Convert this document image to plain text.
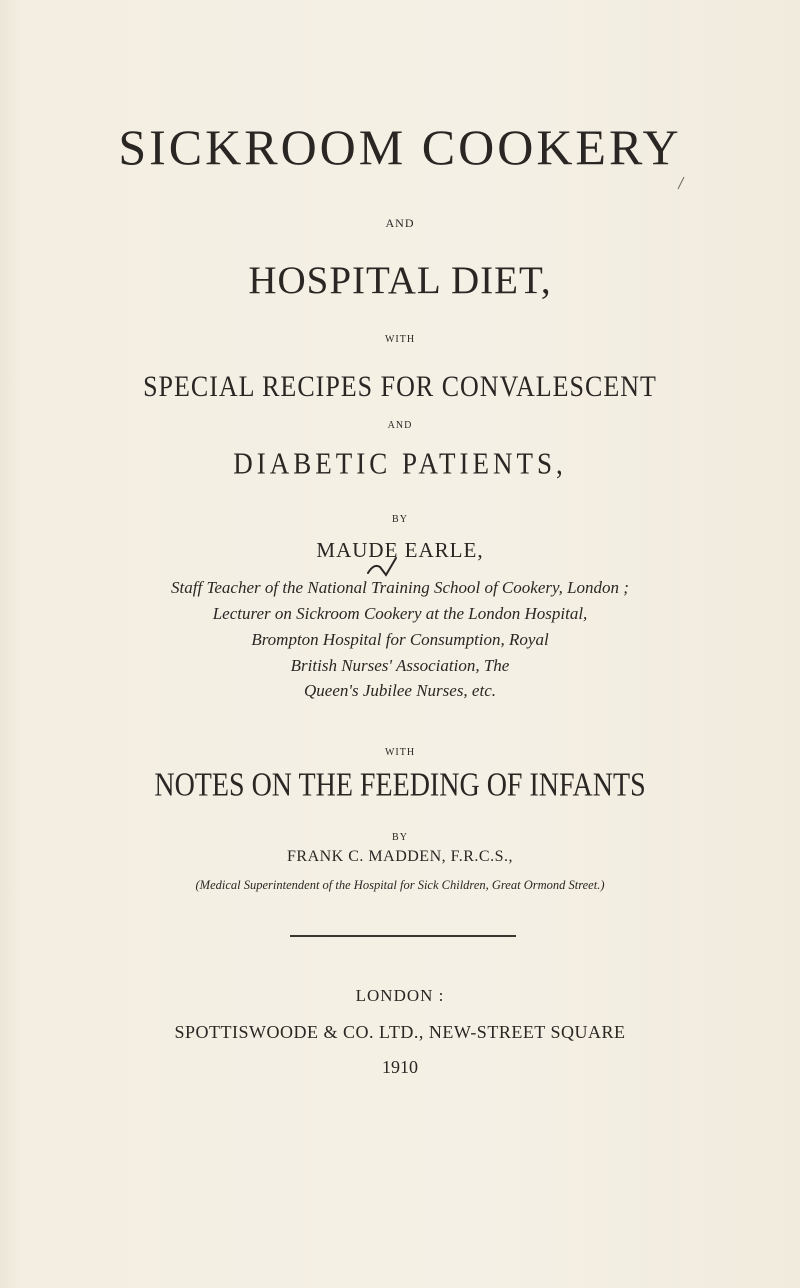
SICKROOM COOKERY
AND
HOSPITAL DIET,
WITH
SPECIAL RECIPES FOR CONVALESCENT
AND
DIABETIC PATIENTS,
BY
MAUDE EARLE,
Staff Teacher of the National Training School of Cookery, London ;
Lecturer on Sickroom Cookery at the London Hospital,
Brompton Hospital for Consumption, Royal
British Nurses' Association, The
Queen's Jubilee Nurses, etc.
WITH
NOTES ON THE FEEDING OF INFANTS
BY
FRANK C. MADDEN, F.R.C.S.,
(Medical Superintendent of the Hospital for Sick Children, Great Ormond Street.)
LONDON :
SPOTTISWOODE & CO. LTD., NEW-STREET SQUARE
1910
